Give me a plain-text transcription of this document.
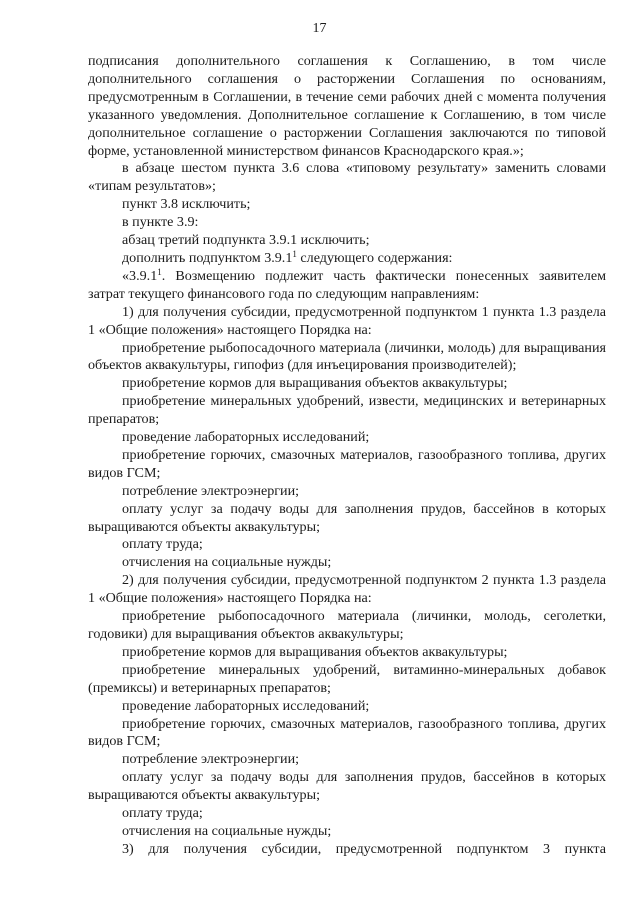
17

подписания дополнительного соглашения к Соглашению, в том числе дополнительного соглашения о расторжении Соглашения по основаниям, предусмотренным в Соглашении, в течение семи рабочих дней с момента получения указанного уведомления. Дополнительное соглашение к Соглашению, в том числе дополнительное соглашение о расторжении Соглашения заключаются по типовой форме, установленной министерством финансов Краснодарского края.»;

в абзаце шестом пункта 3.6 слова «типовому результату» заменить словами «типам результатов»;

пункт 3.8 исключить;

в пункте 3.9:

абзац третий подпункта 3.9.1 исключить;

дополнить подпунктом 3.9.1$^1$ следующего содержания:

«3.9.1$^1$. Возмещению подлежит часть фактически понесенных заявителем затрат текущего финансового года по следующим направлениям:

1) для получения субсидии, предусмотренной подпунктом 1 пункта 1.3 раздела 1 «Общие положения» настоящего Порядка на:

приобретение рыбопосадочного материала (личинки, молодь) для выращивания объектов аквакультуры, гипофиз (для инъецирования производителей);

приобретение кормов для выращивания объектов аквакультуры;

приобретение минеральных удобрений, извести, медицинских и ветеринарных препаратов;

проведение лабораторных исследований;

приобретение горючих, смазочных материалов, газообразного топлива, других видов ГСМ;

потребление электроэнергии;

оплату услуг за подачу воды для заполнения прудов, бассейнов в которых выращиваются объекты аквакультуры;

оплату труда;

отчисления на социальные нужды;

2) для получения субсидии, предусмотренной подпунктом 2 пункта 1.3 раздела 1 «Общие положения» настоящего Порядка на:

приобретение рыбопосадочного материала (личинки, молодь, сеголетки, годовики) для выращивания объектов аквакультуры;

приобретение кормов для выращивания объектов аквакультуры;

приобретение минеральных удобрений, витаминно-минеральных добавок (премиксы) и ветеринарных препаратов;

проведение лабораторных исследований;

приобретение горючих, смазочных материалов, газообразного топлива, других видов ГСМ;

потребление электроэнергии;

оплату услуг за подачу воды для заполнения прудов, бассейнов в которых выращиваются объекты аквакультуры;

оплату труда;

отчисления на социальные нужды;

3) для получения субсидии, предусмотренной подпунктом 3 пункта
